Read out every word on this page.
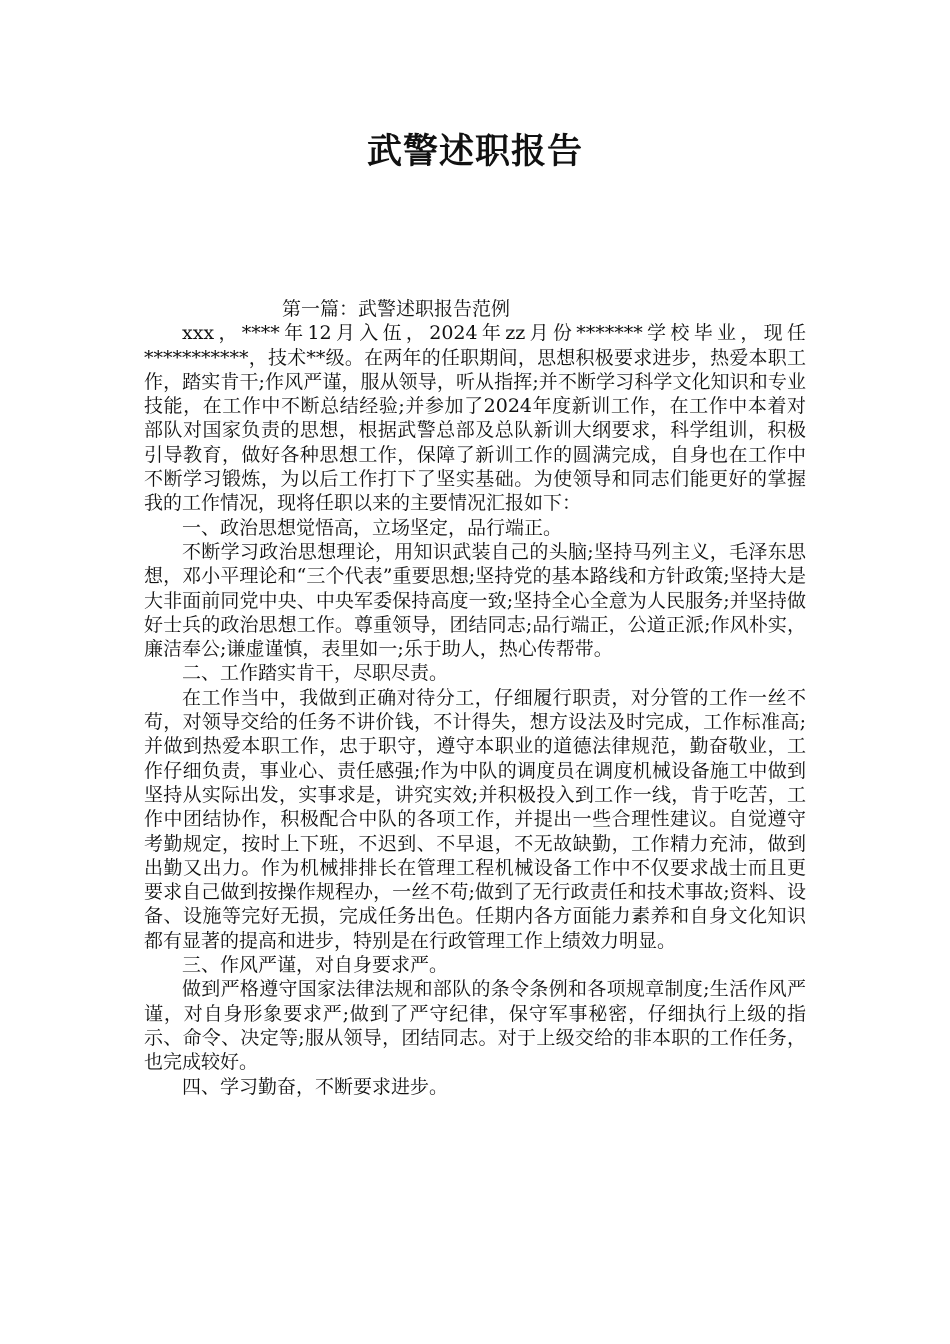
武警述职报告

第一篇：武警述职报告范例

xxx，****年12月入伍，2024年zz月份*******学校毕业，现任***********，技术**级。在两年的任职期间，思想积极要求进步，热爱本职工作，踏实肯干;作风严谨，服从领导，听从指挥;并不断学习科学文化知识和专业技能，在工作中不断总结经验;并参加了2024年度新训工作，在工作中本着对部队对国家负责的思想，根据武警总部及总队新训大纲要求，科学组训，积极引导教育，做好各种思想工作，保障了新训工作的圆满完成，自身也在工作中不断学习锻炼，为以后工作打下了坚实基础。为使领导和同志们能更好的掌握我的工作情况，现将任职以来的主要情况汇报如下：

一、政治思想觉悟高，立场坚定，品行端正。

不断学习政治思想理论，用知识武装自己的头脑;坚持马列主义，毛泽东思想，邓小平理论和“三个代表”重要思想;坚持党的基本路线和方针政策;坚持大是大非面前同党中央、中央军委保持高度一致;坚持全心全意为人民服务;并坚持做好士兵的政治思想工作。尊重领导，团结同志;品行端正，公道正派;作风朴实，廉洁奉公;谦虚谨慎，表里如一;乐于助人，热心传帮带。

二、工作踏实肯干，尽职尽责。

在工作当中，我做到正确对待分工，仔细履行职责，对分管的工作一丝不苟，对领导交给的任务不讲价钱，不计得失，想方设法及时完成，工作标准高;并做到热爱本职工作，忠于职守，遵守本职业的道德法律规范，勤奋敬业，工作仔细负责，事业心、责任感强;作为中队的调度员在调度机械设备施工中做到坚持从实际出发，实事求是，讲究实效;并积极投入到工作一线，肯于吃苦，工作中团结协作，积极配合中队的各项工作，并提出一些合理性建议。自觉遵守考勤规定，按时上下班，不迟到、不早退，不无故缺勤，工作精力充沛，做到出勤又出力。作为机械排排长在管理工程机械设备工作中不仅要求战士而且更要求自己做到按操作规程办，一丝不苟;做到了无行政责任和技术事故;资料、设备、设施等完好无损，完成任务出色。任期内各方面能力素养和自身文化知识都有显著的提高和进步，特别是在行政管理工作上绩效力明显。

三、作风严谨，对自身要求严。

做到严格遵守国家法律法规和部队的条令条例和各项规章制度;生活作风严谨，对自身形象要求严;做到了严守纪律，保守军事秘密，仔细执行上级的指示、命令、决定等;服从领导，团结同志。对于上级交给的非本职的工作任务，也完成较好。

四、学习勤奋，不断要求进步。
